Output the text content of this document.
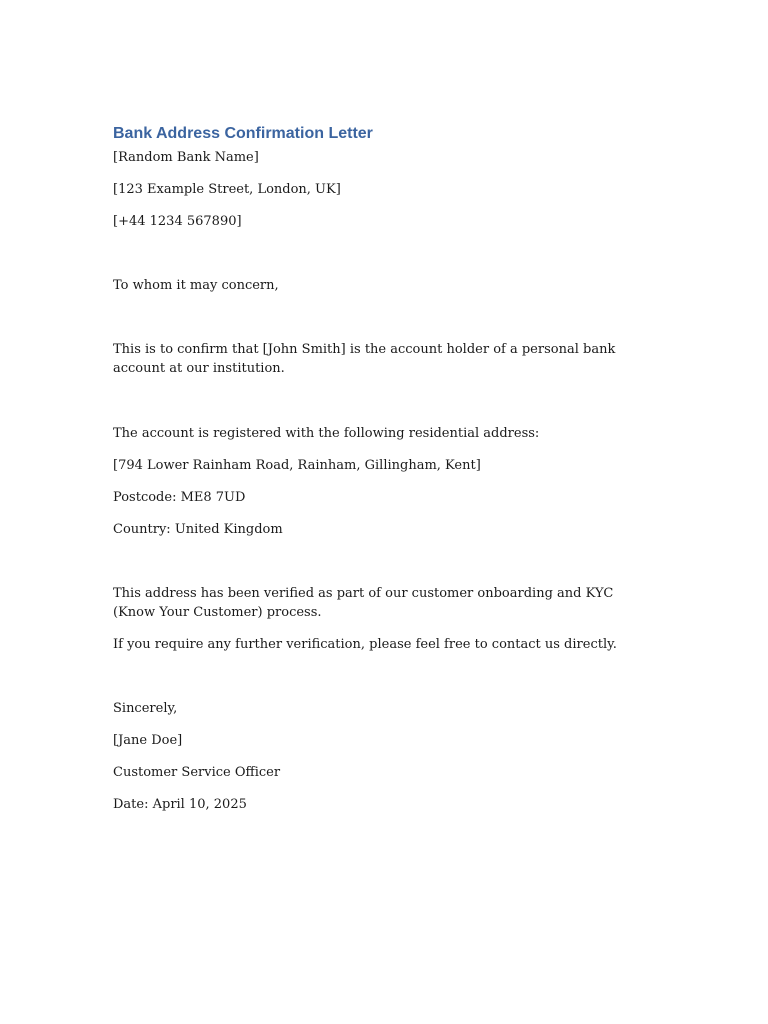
Bank Address Confirmation Letter
[Random Bank Name]
[123 Example Street, London, UK]
[+44 1234 567890]
To whom it may concern,
This is to confirm that [John Smith] is the account holder of a personal bank account at our institution.
The account is registered with the following residential address:
[794 Lower Rainham Road, Rainham, Gillingham, Kent]
Postcode: ME8 7UD
Country: United Kingdom
This address has been verified as part of our customer onboarding and KYC (Know Your Customer) process.
If you require any further verification, please feel free to contact us directly.
Sincerely,
[Jane Doe]
Customer Service Officer
Date: April 10, 2025
